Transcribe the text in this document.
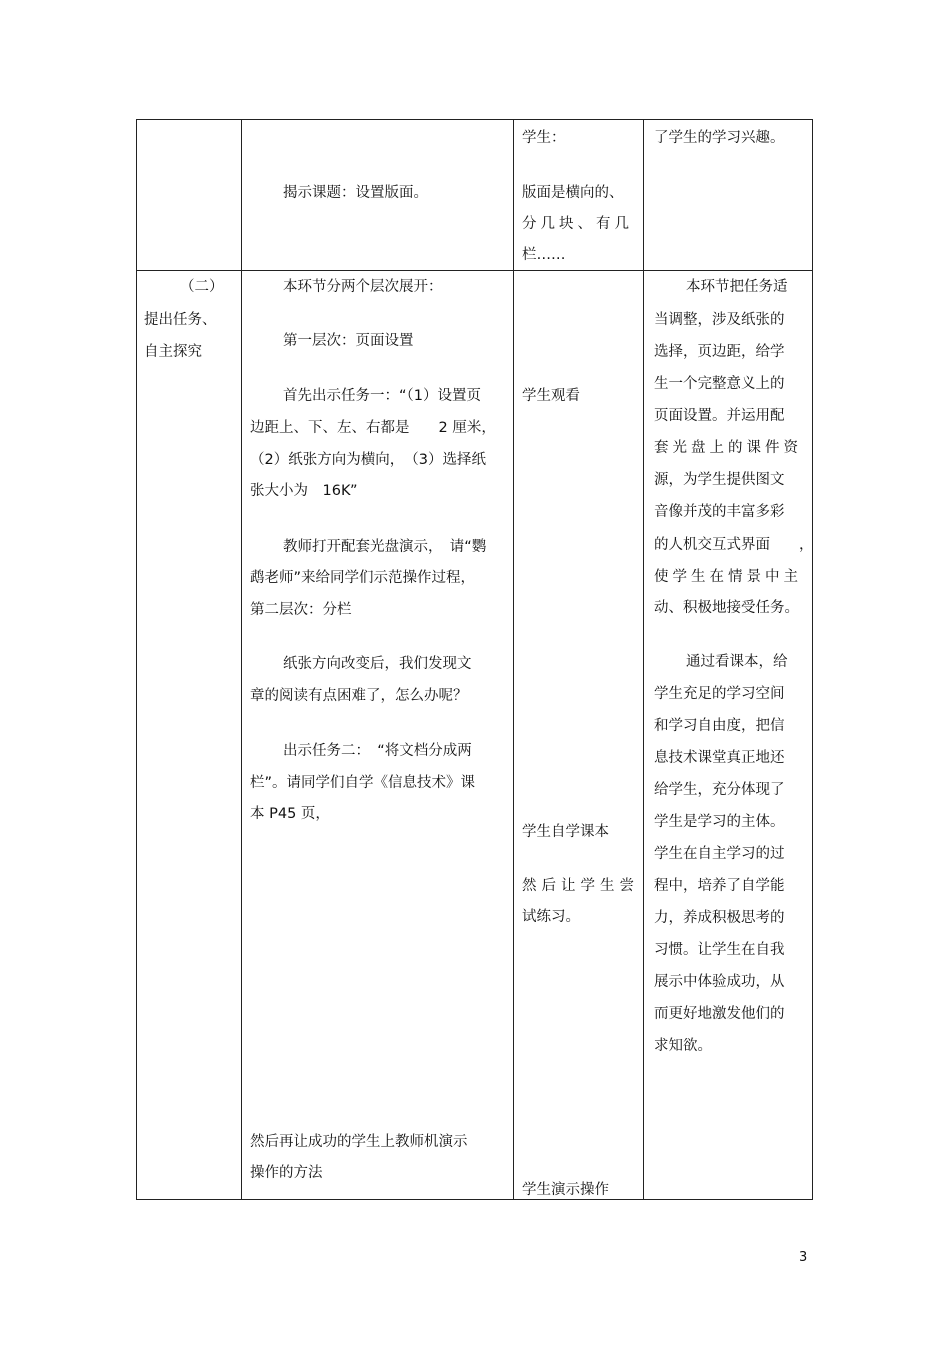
揭示课题：设置版面。
学生：
版面是横向的、
分几块、有几
栏……
了学生的学习兴趣。
（二）
提出任务、
自主探究
本环节分两个层次展开：
第一层次：页面设置
首先出示任务一：“（1）设置页
边距上、下、左、右都是　　2 厘米，
（2）纸张方向为横向，　（3）选择纸
张大小为　16K”
教师打开配套光盘演示，　请“鹦
鹉老师”来给同学们示范操作过程，
第二层次：分栏
纸张方向改变后，我们发现文
章的阅读有点困难了，怎么办呢？
出示任务二：　“将文档分成两
栏”。请同学们自学《信息技术》课
本 P45 页，
然后再让成功的学生上教师机演示
操作的方法
学生观看
学生自学课本
然后让学生尝
试练习。
学生演示操作
本环节把任务适
当调整，涉及纸张的
选择，页边距，给学
生一个完整意义上的
页面设置。并运用配
套光盘上的课件资
源，为学生提供图文
音像并茂的丰富多彩
的人机交互式界面　　，
使学生在情景中主
动、积极地接受任务。
通过看课本，给
学生充足的学习空间
和学习自由度，把信
息技术课堂真正地还
给学生，充分体现了
学生是学习的主体。
学生在自主学习的过
程中，培养了自学能
力，养成积极思考的
习惯。让学生在自我
展示中体验成功，从
而更好地激发他们的
求知欲。
3
